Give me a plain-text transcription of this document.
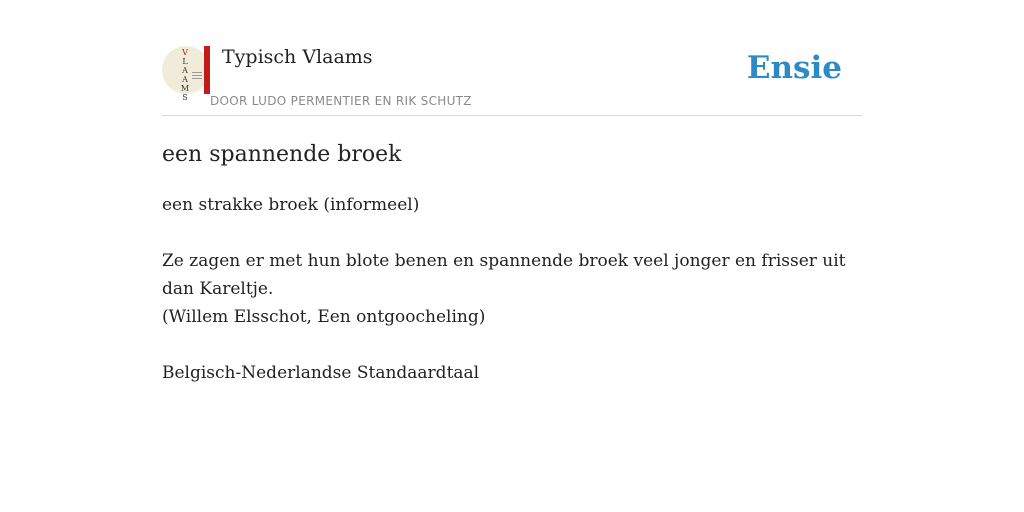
V
L
A
A
M
S
Typisch Vlaams
DOOR LUDO PERMENTIER EN RIK SCHUTZ
Ensie
een spannende broek

een strakke broek (informeel)

Ze zagen er met hun blote benen en spannende broek veel jonger en frisser uit dan Kareltje.

(Willem Elsschot, Een ontgoocheling)

Belgisch-Nederlandse Standaardtaal
